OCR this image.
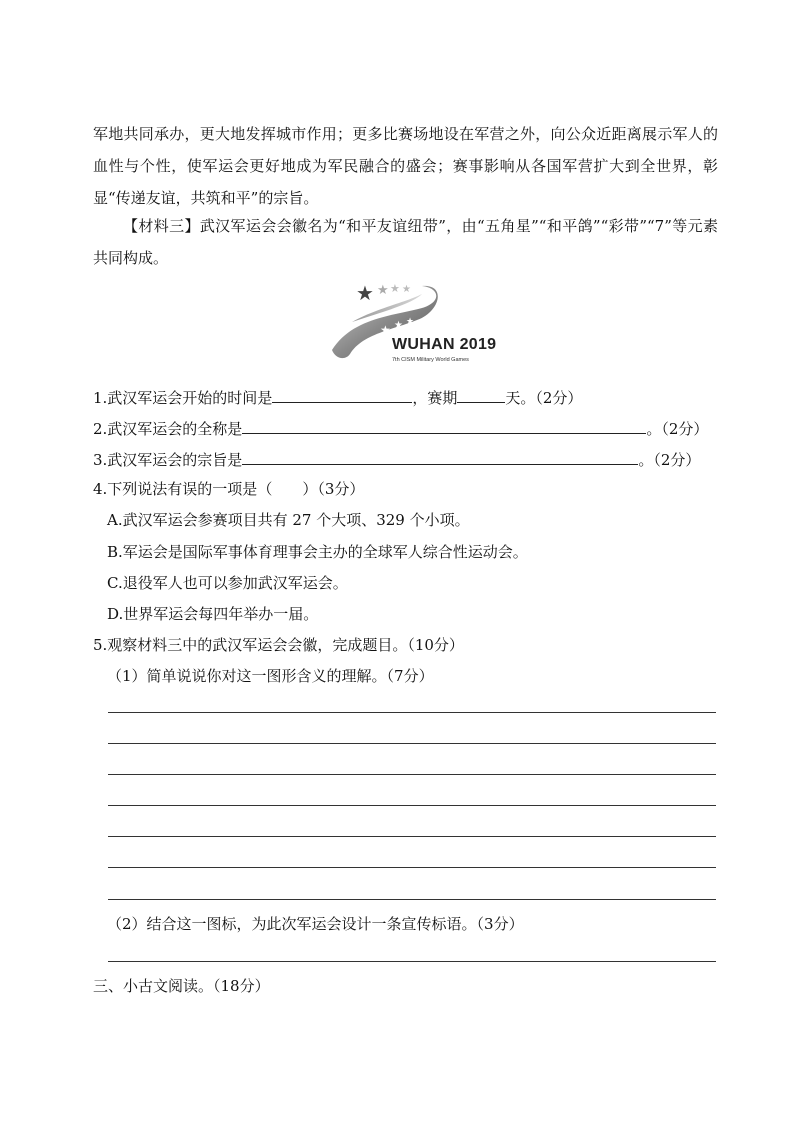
军地共同承办，更大地发挥城市作用；更多比赛场地设在军营之外，向公众近距离展示军人的血性与个性，使军运会更好地成为军民融合的盛会；赛事影响从各国军营扩大到全世界，彰显“传递友谊，共筑和平”的宗旨。
【材料三】武汉军运会会徽名为“和平友谊纽带”，由“五角星”“和平鸽”“彩带”“7”等元素共同构成。
★ ★ ★ ★
★ ★ ★
WUHAN 2019
7th CISM Military World Games
1.武汉军运会开始的时间是	，赛期	天。（2分）
2.武汉军运会的全称是	。（2分）
3.武汉军运会的宗旨是	。（2分）
4.下列说法有误的一项是（　　）（3分）
A.武汉军运会参赛项目共有 27 个大项、329 个小项。
B.军运会是国际军事体育理事会主办的全球军人综合性运动会。
C.退役军人也可以参加武汉军运会。
D.世界军运会每四年举办一届。
5.观察材料三中的武汉军运会会徽，完成题目。（10分）
（1）简单说说你对这一图形含义的理解。（7分）
（2）结合这一图标，为此次军运会设计一条宣传标语。（3分）
三、小古文阅读。（18分）
